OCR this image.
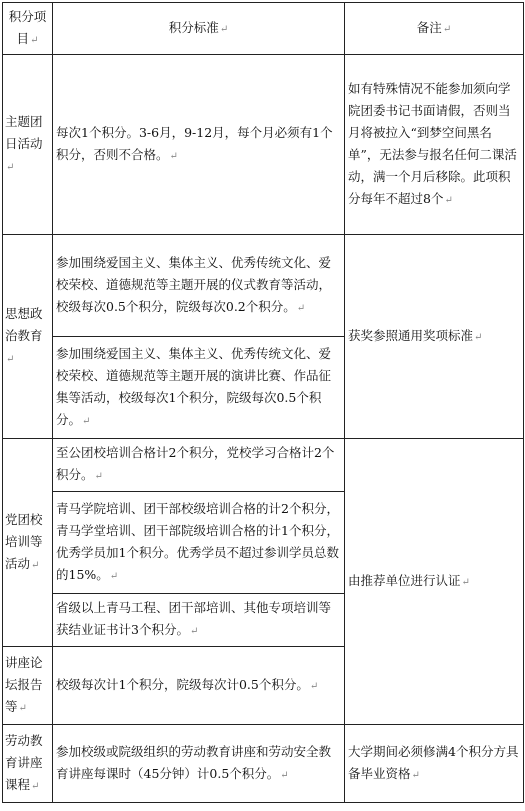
积分项目↵	积分标准↵	备注↵
主题团日活动↵	每次1个积分。3-6月，9-12月，每个月必须有1个积分，否则不合格。↵	如有特殊情况不能参加须向学院团委书记书面请假，否则当月将被拉入“到梦空间黑名单”，无法参与报名任何二课活动，满一个月后移除。此项积分每年不超过8个↵
思想政治教育↵	参加围绕爱国主义、集体主义、优秀传统文化、爱校荣校、道德规范等主题开展的仪式教育等活动，校级每次0.5个积分，院级每次0.2个积分。↵	获奖参照通用奖项标准↵
	参加围绕爱国主义、集体主义、优秀传统文化、爱校荣校、道德规范等主题开展的演讲比赛、作品征集等活动，校级每次1个积分，院级每次0.5个积分。↵	
党团校培训等活动↵	至公团校培训合格计2个积分，党校学习合格计2个积分。↵	由推荐单位进行认证↵
	青马学院培训、团干部校级培训合格的计2个积分，青马学堂培训、团干部院级培训合格的计1个积分，优秀学员加1个积分。优秀学员不超过参训学员总数的15%。↵	
	省级以上青马工程、团干部培训、其他专项培训等获结业证书计3个积分。↵	
讲座论坛报告等↵	校级每次计1个积分，院级每次计0.5个积分。↵	
劳动教育讲座课程↵	参加校级或院级组织的劳动教育讲座和劳动安全教育讲座每课时（45分钟）计0.5个积分。↵	大学期间必须修满4个积分方具备毕业资格↵
